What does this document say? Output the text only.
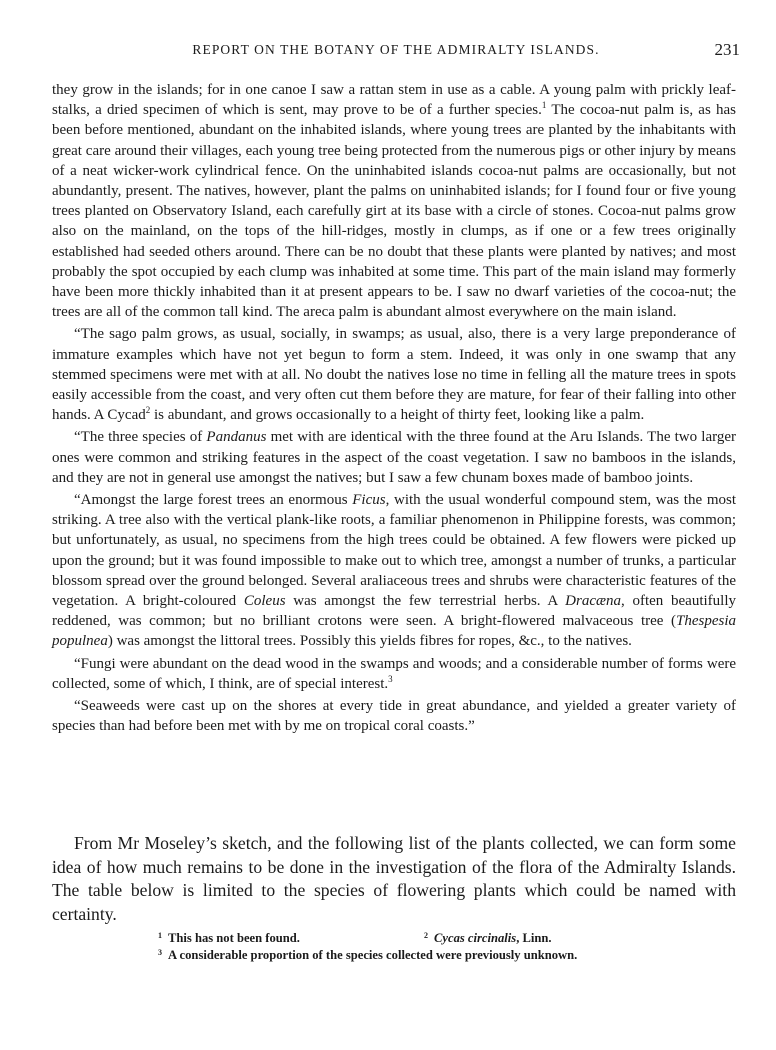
REPORT ON THE BOTANY OF THE ADMIRALTY ISLANDS.	231

they grow in the islands; for in one canoe I saw a rattan stem in use as a cable. A young palm with prickly leaf-stalks, a dried specimen of which is sent, may prove to be of a further species.$^1$ The cocoa-nut palm is, as has been before mentioned, abundant on the inhabited islands, where young trees are planted by the inhabitants with great care around their villages, each young tree being protected from the numerous pigs or other injury by means of a neat wicker-work cylindrical fence. On the uninhabited islands cocoa-nut palms are occasionally, but not abundantly, present. The natives, however, plant the palms on uninhabited islands; for I found four or five young trees planted on Observatory Island, each carefully girt at its base with a circle of stones. Cocoa-nut palms grow also on the mainland, on the tops of the hill-ridges, mostly in clumps, as if one or a few trees originally established had seeded others around. There can be no doubt that these plants were planted by natives; and most probably the spot occupied by each clump was inhabited at some time. This part of the main island may formerly have been more thickly inhabited than it at present appears to be. I saw no dwarf varieties of the cocoa-nut; the trees are all of the common tall kind. The areca palm is abundant almost everywhere on the main island.

“The sago palm grows, as usual, socially, in swamps; as usual, also, there is a very large preponderance of immature examples which have not yet begun to form a stem. Indeed, it was only in one swamp that any stemmed specimens were met with at all. No doubt the natives lose no time in felling all the mature trees in spots easily accessible from the coast, and very often cut them before they are mature, for fear of their falling into other hands. A Cycad$^2$ is abundant, and grows occasionally to a height of thirty feet, looking like a palm.

“The three species of Pandanus met with are identical with the three found at the Aru Islands. The two larger ones were common and striking features in the aspect of the coast vegetation. I saw no bamboos in the islands, and they are not in general use amongst the natives; but I saw a few chunam boxes made of bamboo joints.

“Amongst the large forest trees an enormous Ficus, with the usual wonderful compound stem, was the most striking. A tree also with the vertical plank-like roots, a familiar phenomenon in Philippine forests, was common; but unfortunately, as usual, no specimens from the high trees could be obtained. A few flowers were picked up upon the ground; but it was found impossible to make out to which tree, amongst a number of trunks, a particular blossom spread over the ground belonged. Several araliaceous trees and shrubs were characteristic features of the vegetation. A bright-coloured Coleus was amongst the few terrestrial herbs. A Dracæna, often beautifully reddened, was common; but no brilliant crotons were seen. A bright-flowered malvaceous tree (Thespesia populnea) was amongst the littoral trees. Possibly this yields fibres for ropes, &c., to the natives.

“Fungi were abundant on the dead wood in the swamps and woods; and a considerable number of forms were collected, some of which, I think, are of special interest.$^3$

“Seaweeds were cast up on the shores at every tide in great abundance, and yielded a greater variety of species than had before been met with by me on tropical coral coasts.”

From Mr Moseley’s sketch, and the following list of the plants collected, we can form some idea of how much remains to be done in the investigation of the flora of the Admiralty Islands. The table below is limited to the species of flowering plants which could be named with certainty.

$^1$ This has not been found.	$^2$ Cycas circinalis, Linn.
$^3$ A considerable proportion of the species collected were previously unknown.
